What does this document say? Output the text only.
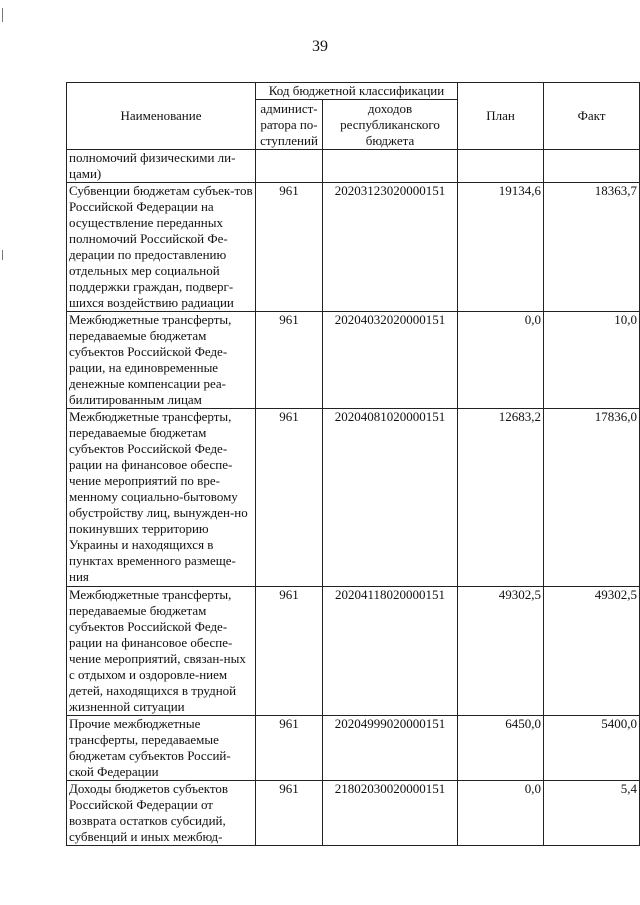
39
Наименование	Код бюджетной классификации		План	Факт
	админист-ратора по-ступлений	доходов республиканского бюджета		
полномочий физическими ли-цами)				
Субвенции бюджетам субъек-тов Российской Федерации на осуществление переданных полномочий Российской Фе-дерации по предоставлению отдельных мер социальной поддержки граждан, подверг-шихся воздействию радиации	961	20203123020000151	19134,6	18363,7
Межбюджетные трансферты, передаваемые бюджетам субъектов Российской Феде-рации, на единовременные денежные компенсации реа-билитированным лицам	961	20204032020000151	0,0	10,0
Межбюджетные трансферты, передаваемые бюджетам субъектов Российской Феде-рации на финансовое обеспе-чение мероприятий по вре-менному социально-бытовому обустройству лиц, вынужден-но покинувших территорию Украины и находящихся в пунктах временного размеще-ния	961	20204081020000151	12683,2	17836,0
Межбюджетные трансферты, передаваемые бюджетам субъектов Российской Феде-рации на финансовое обеспе-чение мероприятий, связан-ных с отдыхом и оздоровле-нием детей, находящихся в трудной жизненной ситуации	961	20204118020000151	49302,5	49302,5
Прочие межбюджетные трансферты, передаваемые бюджетам субъектов Россий-ской Федерации	961	20204999020000151	6450,0	5400,0
Доходы бюджетов субъектов Российской Федерации от возврата остатков субсидий, субвенций и иных межбюд-	961	21802030020000151	0,0	5,4
